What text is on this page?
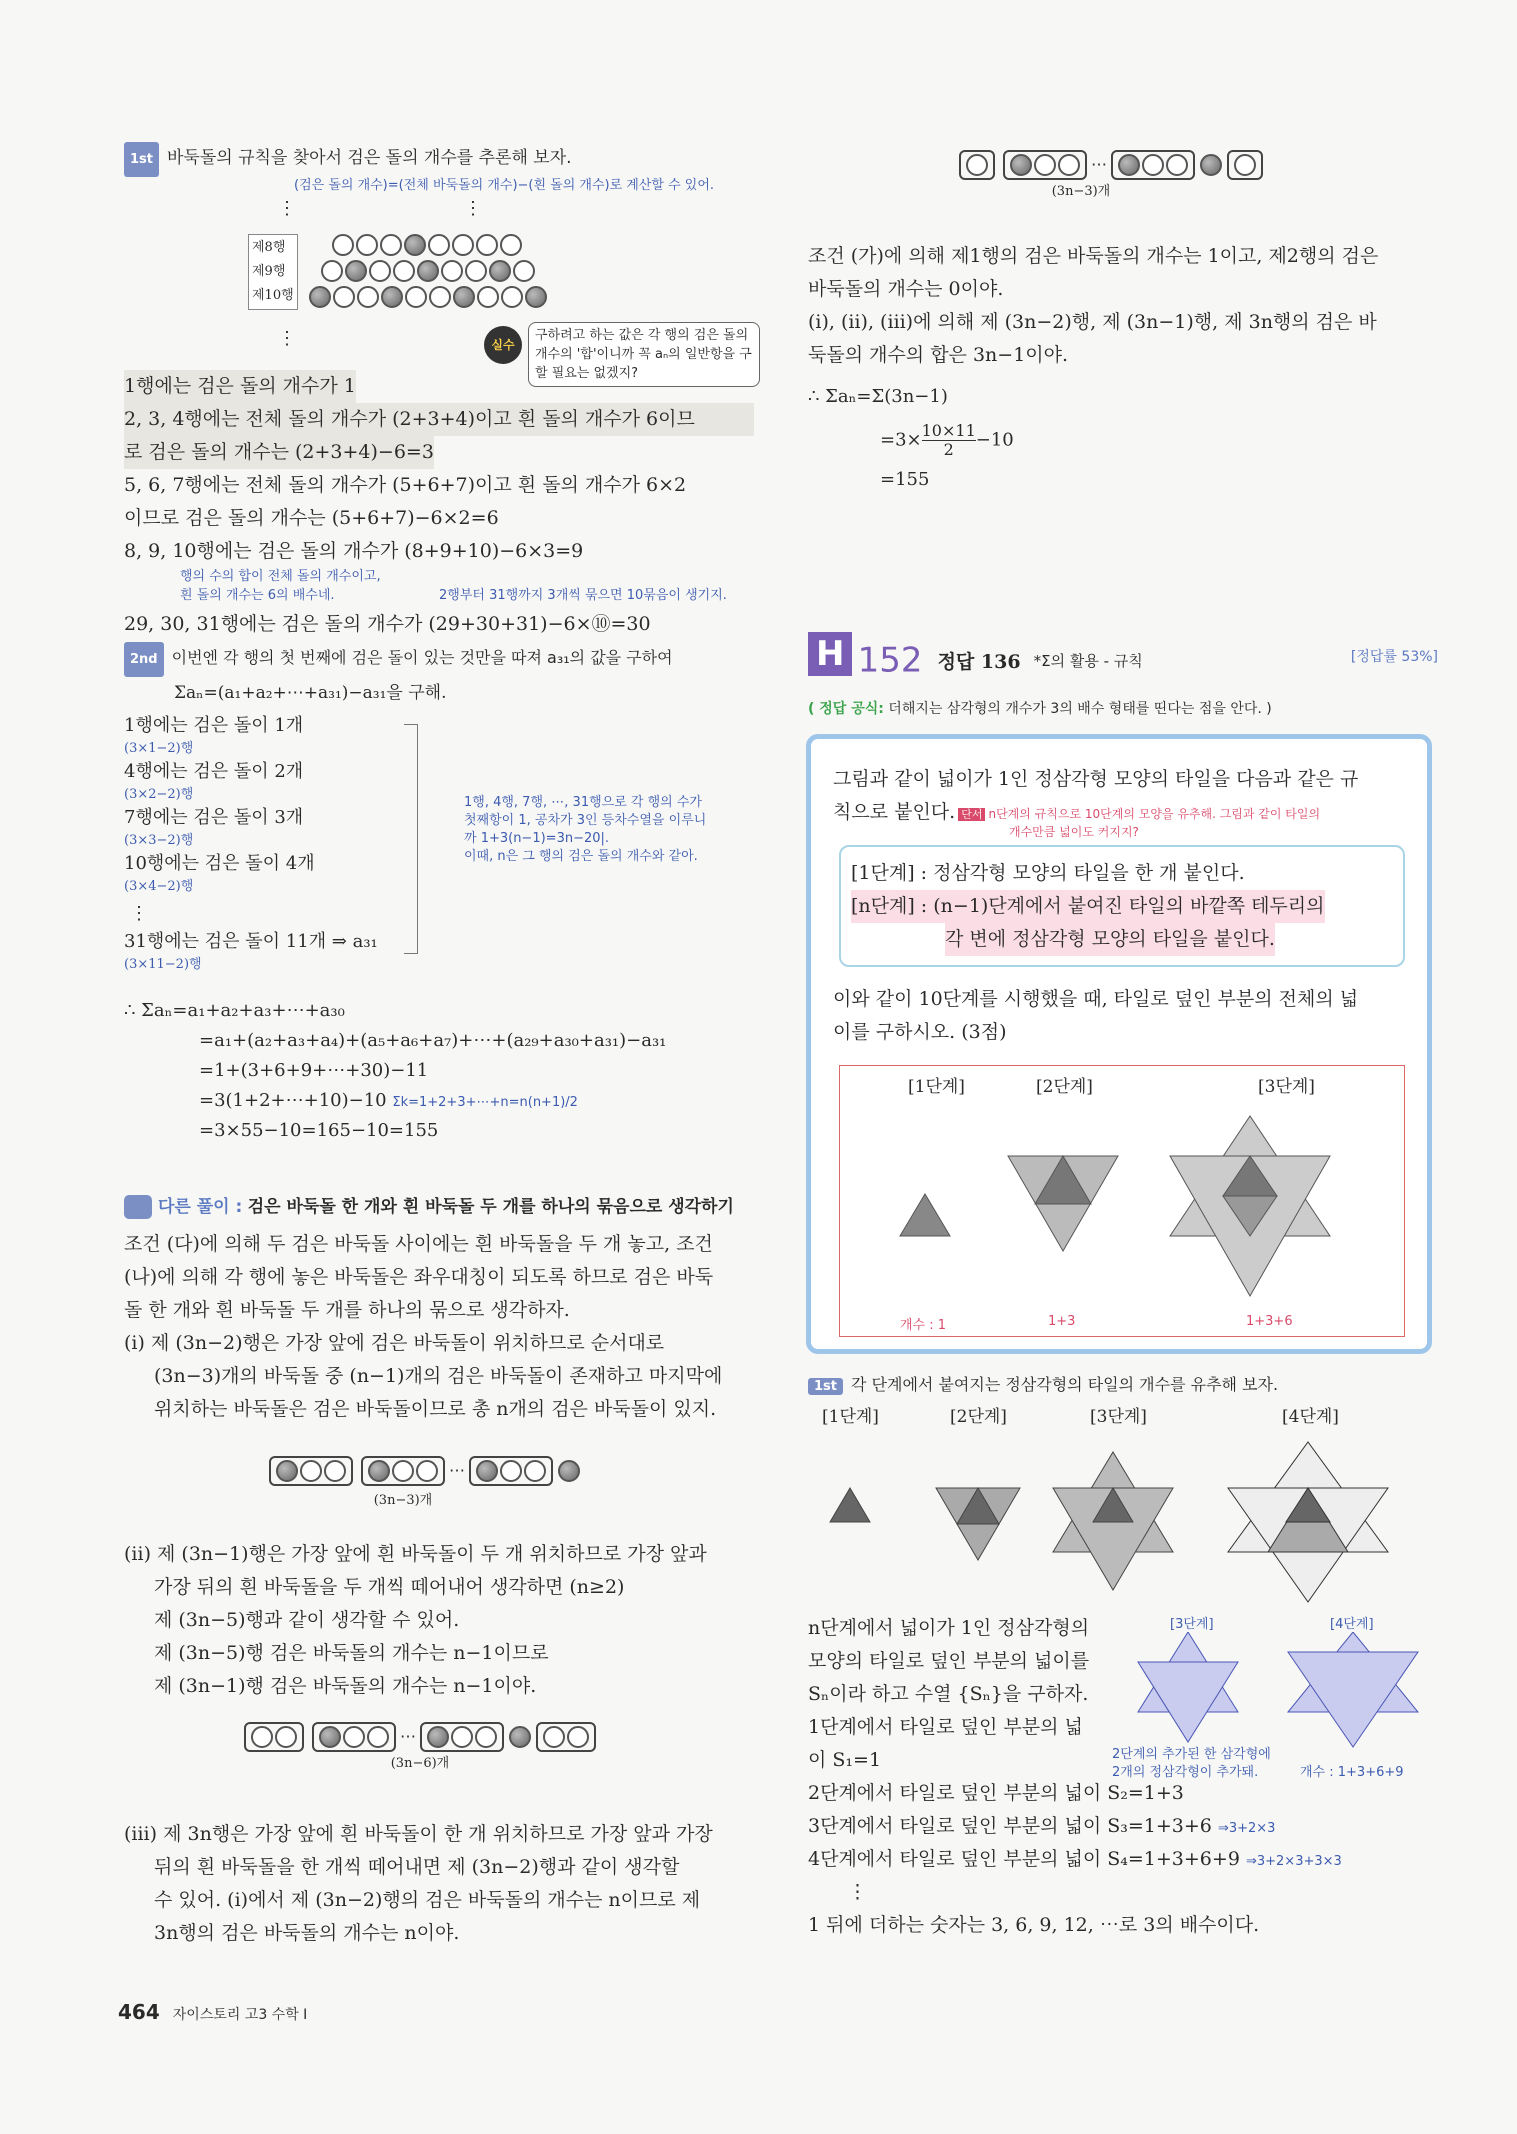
1st 바둑돌의 규칙을 찾아서 검은 돌의 개수를 추론해 보자.
(검은 돌의 개수)=(전체 바둑돌의 개수)−(흰 돌의 개수)로 계산할 수 있어.
⋮	⋮
제8행
제9행
제10행
⋮	실수
구하려고 하는 값은 각 행의 검은 돌의 개수의 '합'이니까 꼭 aₙ의 일반항을 구할 필요는 없겠지?
1행에는 검은 돌의 개수가 1
2, 3, 4행에는 전체 돌의 개수가 (2+3+4)이고 흰 돌의 개수가 6이므
로 검은 돌의 개수는 (2+3+4)−6=3
5, 6, 7행에는 전체 돌의 개수가 (5+6+7)이고 흰 돌의 개수가 6×2
이므로 검은 돌의 개수는 (5+6+7)−6×2=6
8, 9, 10행에는 검은 돌의 개수가 (8+9+10)−6×3=9
행의 수의 합이 전체 돌의 개수이고,
흰 돌의 개수는 6의 배수네.	2행부터 31행까지 3개씩 묶으면 10묶음이 생기지.
29, 30, 31행에는 검은 돌의 개수가 (29+30+31)−6×⑩=30
2nd 이번엔 각 행의 첫 번째에 검은 돌이 있는 것만을 따져 a₃₁의 값을 구하여
Σaₙ=(a₁+a₂+⋯+a₃₁)−a₃₁을 구해.
1행에는 검은 돌이 1개
(3×1−2)행
4행에는 검은 돌이 2개
(3×2−2)행
7행에는 검은 돌이 3개
(3×3−2)행
10행에는 검은 돌이 4개
(3×4−2)행
⋮
31행에는 검은 돌이 11개 ⇒ a₃₁
(3×11−2)행
1행, 4행, 7행, ⋯, 31행으로 각 행의 수가
첫째항이 1, 공차가 3인 등차수열을 이루니
까 1+3(n−1)=3n−20|.
이때, n은 그 행의 검은 돌의 개수와 같아.
∴ Σaₙ=a₁+a₂+a₃+⋯+a₃₀
=a₁+(a₂+a₃+a₄)+(a₅+a₆+a₇)+⋯+(a₂₉+a₃₀+a₃₁)−a₃₁
=1+(3+6+9+⋯+30)−11
=3(1+2+⋯+10)−10 Σk=1+2+3+⋯+n=n(n+1)/2
=3×55−10=165−10=155
다른 풀이 : 검은 바둑돌 한 개와 흰 바둑돌 두 개를 하나의 묶음으로 생각하기
조건 (다)에 의해 두 검은 바둑돌 사이에는 흰 바둑돌을 두 개 놓고, 조건
(나)에 의해 각 행에 놓은 바둑돌은 좌우대칭이 되도록 하므로 검은 바둑
돌 한 개와 흰 바둑돌 두 개를 하나의 묶으로 생각하자.
(ⅰ) 제 (3n−2)행은 가장 앞에 검은 바둑돌이 위치하므로 순서대로
(3n−3)개의 바둑돌 중 (n−1)개의 검은 바둑돌이 존재하고 마지막에
위치하는 바둑돌은 검은 바둑돌이므로 총 n개의 검은 바둑돌이 있지.
⋯
(3n−3)개
(ⅱ) 제 (3n−1)행은 가장 앞에 흰 바둑돌이 두 개 위치하므로 가장 앞과
가장 뒤의 흰 바둑돌을 두 개씩 떼어내어 생각하면 (n≥2)
제 (3n−5)행과 같이 생각할 수 있어.
제 (3n−5)행 검은 바둑돌의 개수는 n−1이므로
제 (3n−1)행 검은 바둑돌의 개수는 n−1이야.
⋯
(3n−6)개
(ⅲ) 제 3n행은 가장 앞에 흰 바둑돌이 한 개 위치하므로 가장 앞과 가장
뒤의 흰 바둑돌을 한 개씩 떼어내면 제 (3n−2)행과 같이 생각할
수 있어. (ⅰ)에서 제 (3n−2)행의 검은 바둑돌의 개수는 n이므로 제
3n행의 검은 바둑돌의 개수는 n이야.
464 자이스토리 고3 수학 Ⅰ
⋯
(3n−3)개
조건 (가)에 의해 제1행의 검은 바둑돌의 개수는 1이고, 제2행의 검은
바둑돌의 개수는 0이야.
(ⅰ), (ⅱ), (ⅲ)에 의해 제 (3n−2)행, 제 (3n−1)행, 제 3n행의 검은 바
둑돌의 개수의 합은 3n−1이야.
∴ Σaₙ=Σ(3n−1)
$=3\times \frac{10\times 11}{2} -10$
=155
H 152 정답 136 *Σ의 활용 - 규칙	[정답률 53%]
( 정답 공식: 더해지는 삼각형의 개수가 3의 배수 형태를 띤다는 점을 안다. )
그림과 같이 넓이가 1인 정삼각형 모양의 타일을 다음과 같은 규
칙으로 붙인다. 단서 n단계의 규칙으로 10단계의 모양을 유추해. 그림과 같이 타일의
개수만큼 넓이도 커지지?
[1단계] : 정삼각형 모양의 타일을 한 개 붙인다.
[n단계] : (n−1)단계에서 붙여진 타일의 바깥쪽 테두리의 각 변에 정삼각형 모양의 타일을 붙인다.
이와 같이 10단계를 시행했을 때, 타일로 덮인 부분의 전체의 넓
이를 구하시오. (3점)
[1단계]	[2단계]	[3단계]
개수 : 1	1+3	1+3+6
1st 각 단계에서 붙여지는 정삼각형의 타일의 개수를 유추해 보자.
[1단계]	[2단계]	[3단계]	[4단계]
n단계에서 넓이가 1인 정삼각형의
모양의 타일로 덮인 부분의 넓이를
Sₙ이라 하고 수열 {Sₙ}을 구하자.
1단계에서 타일로 덮인 부분의 넓
이 S₁=1
2단계에서 타일로 덮인 부분의 넓이 S₂=1+3
3단계에서 타일로 덮인 부분의 넓이 S₃=1+3+6 ⇒3+2×3
4단계에서 타일로 덮인 부분의 넓이 S₄=1+3+6+9 ⇒3+2×3+3×3
⋮
1 뒤에 더하는 숫자는 3, 6, 9, 12, ⋯로 3의 배수이다.
[3단계]	[4단계]
2단계의 추가된 한 삼각형에
2개의 정삼각형이 추가돼.	개수 : 1+3+6+9
